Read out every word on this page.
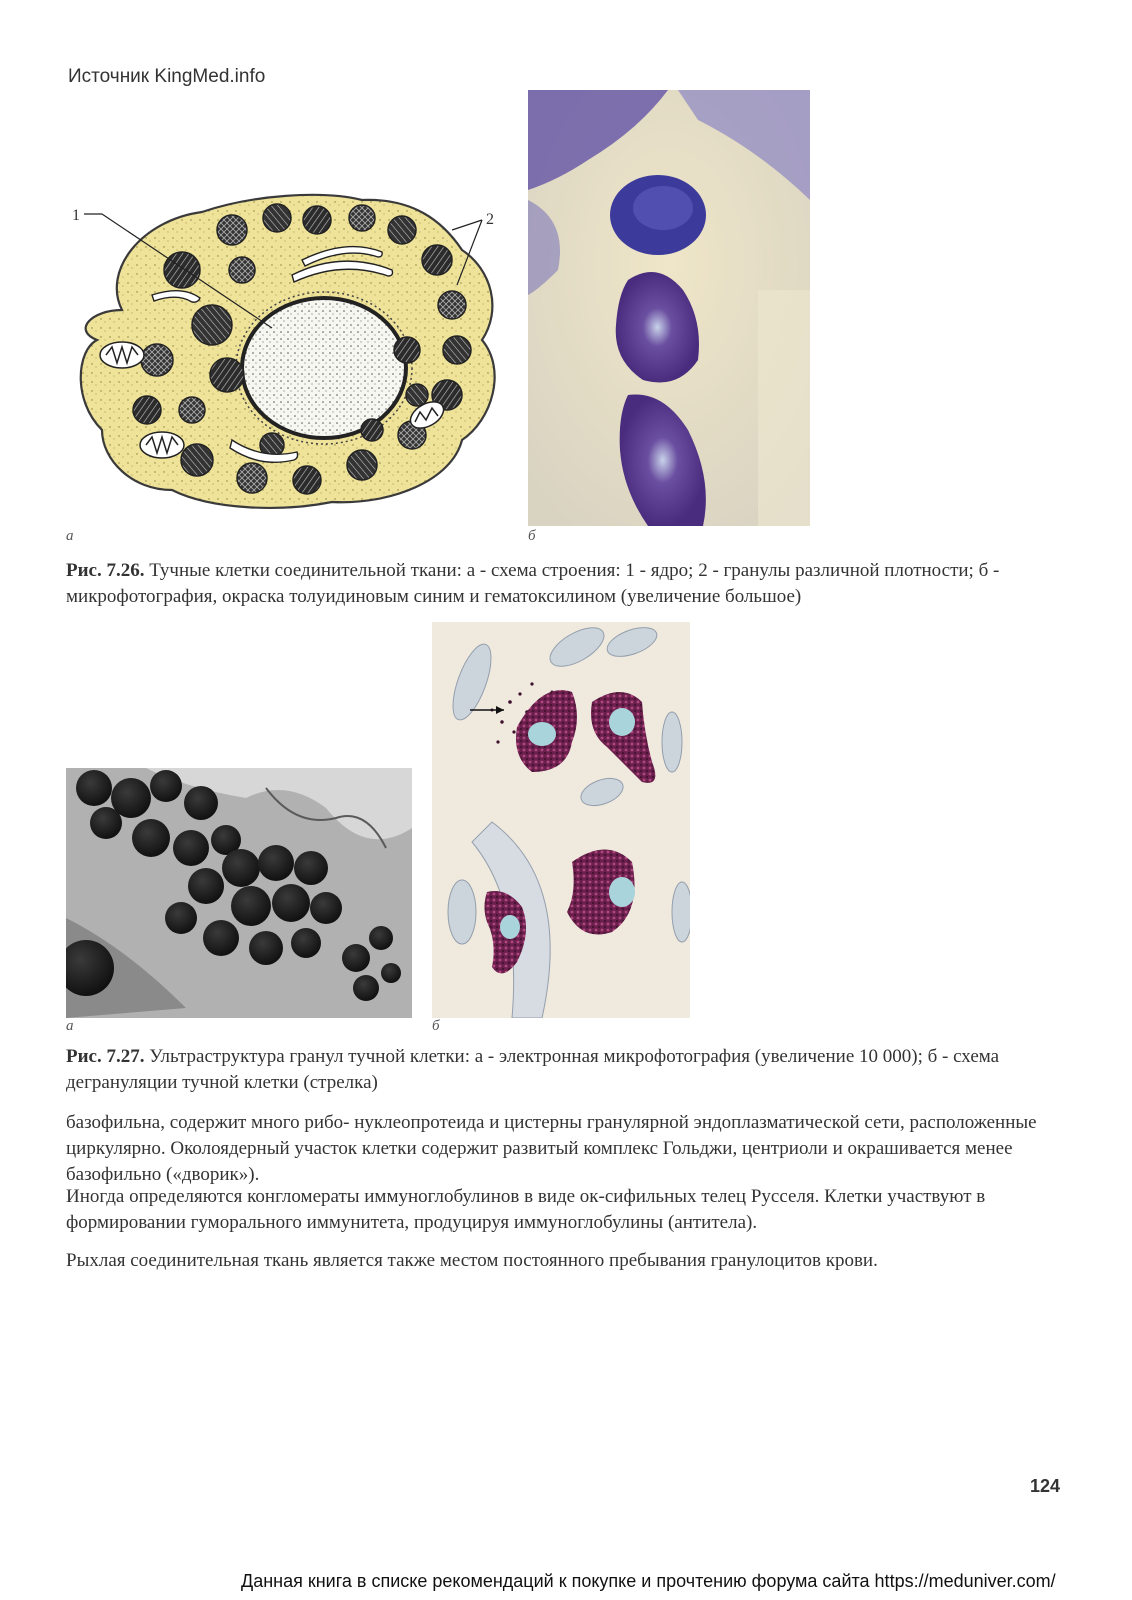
Источник KingMed.info
1	2
а	б
Рис. 7.26. Тучные клетки соединительной ткани: а - схема строения: 1 - ядро; 2 - гранулы различной плотности; б - микрофотография, окраска толуидиновым синим и гематоксилином (увеличение большое)
а	б
Рис. 7.27. Ультраструктура гранул тучной клетки: а - электронная микрофотография (увеличение 10 000); б - схема дегрануляции тучной клетки (стрелка)
базофильна, содержит много рибо- нуклеопротеида и цистерны гранулярной эндоплазматической сети, расположенные циркулярно. Околоядерный участок клетки содержит развитый комплекс Гольджи, центриоли и окрашивается менее базофильно («дворик»).
Иногда определяются конгломераты иммуноглобулинов в виде ок-сифильных телец Русселя. Клетки участвуют в формировании гуморального иммунитета, продуцируя иммуноглобулины (антитела).
Рыхлая соединительная ткань является также местом постоянного пребывания гранулоцитов крови.
124
Данная книга в списке рекомендаций к покупке и прочтению форума сайта https://meduniver.com/
